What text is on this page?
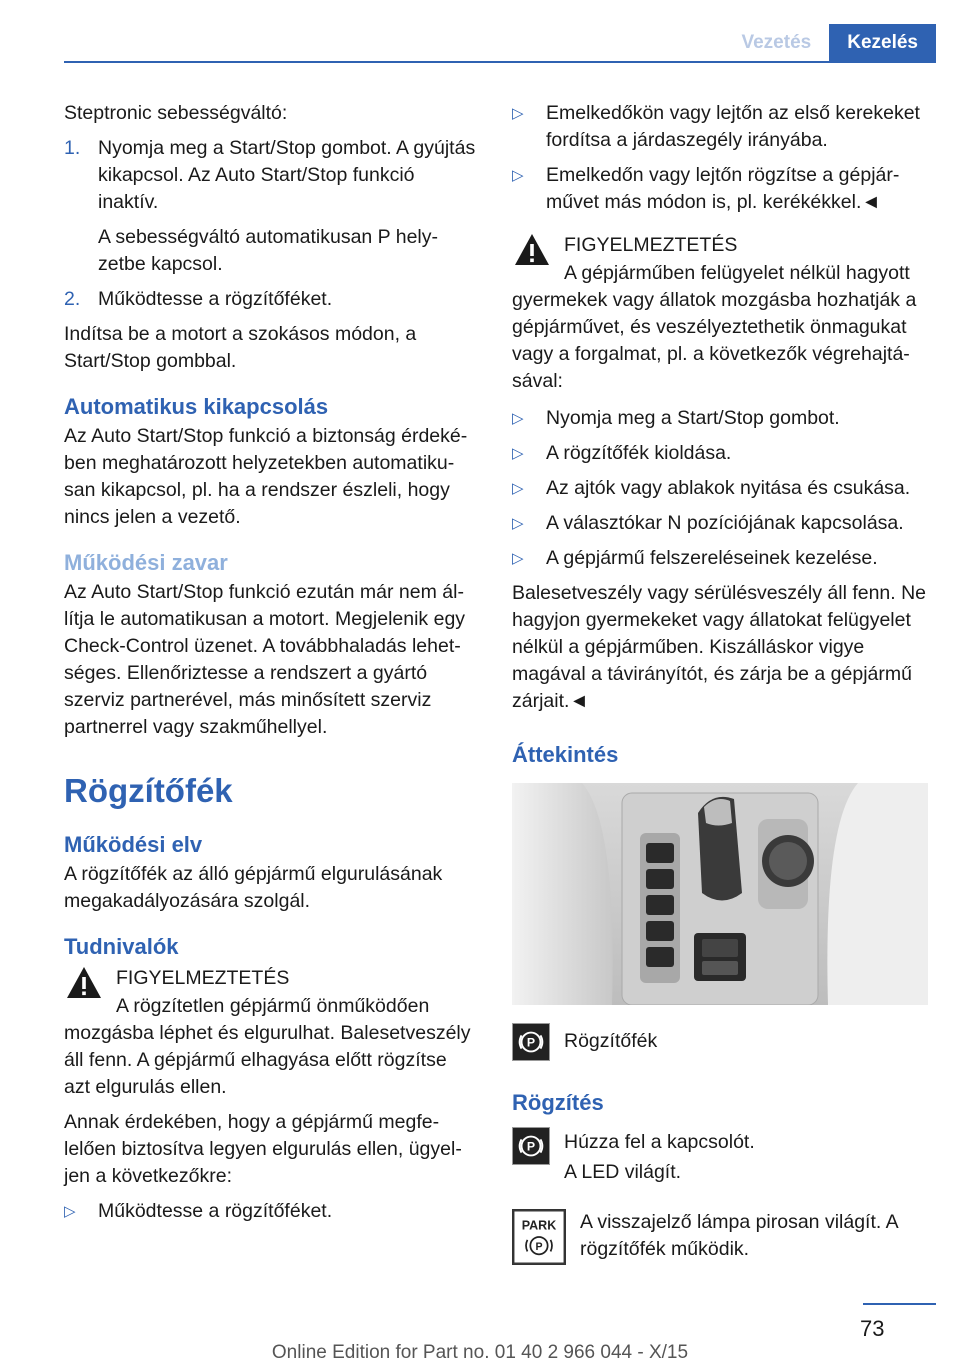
Vezetés	Kezelés

Steptronic sebességváltó:

1. Nyomja meg a Start/Stop gombot. A gyújtás kikapcsol. Az Auto Start/Stop funkció inaktív.
A sebességváltó automatikusan P helyzetbe kapcsol.
2. Működtesse a rögzítőféket.

Indítsa be a motort a szokásos módon, a Start/Stop gombbal.

Automatikus kikapcsolás

Az Auto Start/Stop funkció a biztonság érdekében meghatározott helyzetekben automatikusan kikapcsol, pl. ha a rendszer észleli, hogy nincs jelen a vezető.

Működési zavar

Az Auto Start/Stop funkció ezután már nem állítja le automatikusan a motort. Megjelenik egy Check-Control üzenet. A továbbhaladás lehetséges. Ellenőriztesse a rendszert a gyártó szerviz partnerével, más minősített szerviz partnerrel vagy szakműhellyel.

Rögzítőfék
Működési elv

A rögzítőfék az álló gépjármű elgurulásának megakadályozására szolgál.

Tudnivalók
FIGYELMEZTETÉS

A rögzítetlen gépjármű önműködően
mozgásba léphet és elgurulhat. Balesetveszély áll fenn. A gépjármű elhagyása előtt rögzítse azt elgurulás ellen.

Annak érdekében, hogy a gépjármű megfelelően biztosítva legyen elgurulás ellen, ügyeljen a következőkre:

▷ Működtesse a rögzítőféket.
▷ Emelkedőkön vagy lejtőn az első kerekeket fordítsa a járdaszegély irányába.
▷ Emelkedőn vagy lejtőn rögzítse a gépjárművet más módon is, pl. kerékékkel.◄
FIGYELMEZTETÉS

A gépjárműben felügyelet nélkül hagyott
gyermekek vagy állatok mozgásba hozhatják a gépjárművet, és veszélyeztethetik önmagukat vagy a forgalmat, pl. a következők végrehajtásával:

▷ Nyomja meg a Start/Stop gombot.
▷ A rögzítőfék kioldása.
▷ Az ajtók vagy ablakok nyitása és csukása.
▷ A választókar N pozíciójának kapcsolása.
▷ A gépjármű felszereléseinek kezelése.

Balesetveszély vagy sérülésveszély áll fenn. Ne hagyjon gyermekeket vagy állatokat felügyelet nélkül a gépjárműben. Kiszálláskor vigye magával a távirányítót, és zárja be a gépjármű zárjait.◄

Áttekintés
P	Rögzítőfék
Rögzítés
P	Húzza fel a kapcsolót.
A LED világít.
PARK
P
A visszajelző lámpa pirosan világít. A rögzítőfék működik.
73
Online Edition for Part no. 01 40 2 966 044 - X/15
